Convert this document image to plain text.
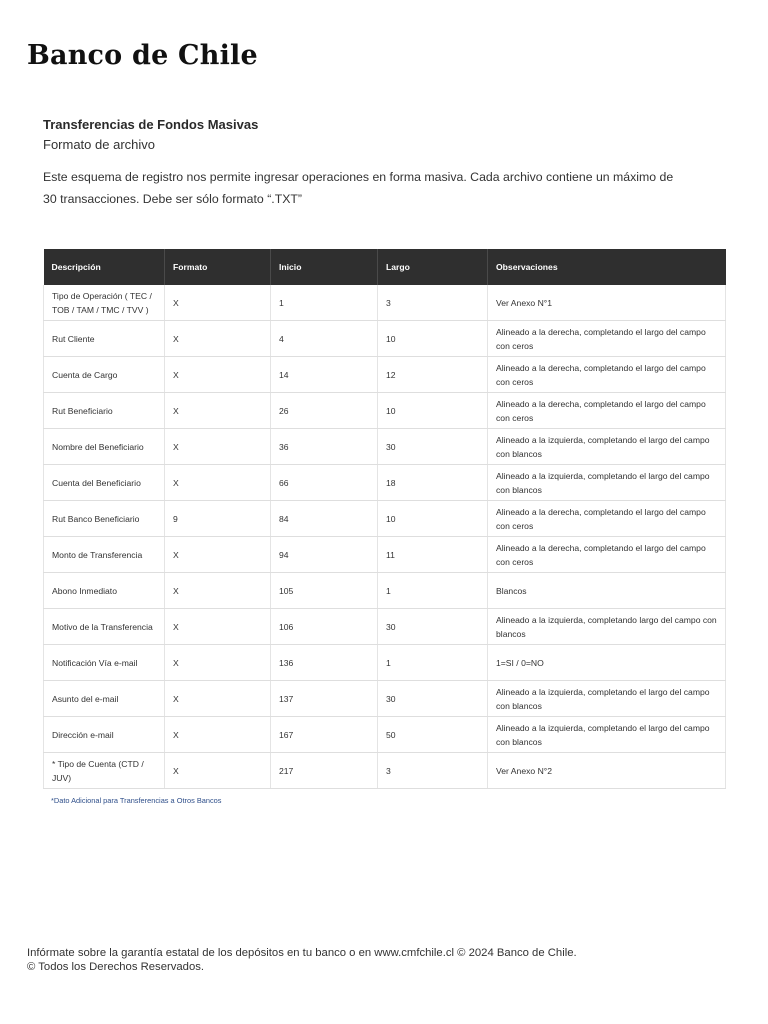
Banco de Chile
Transferencias de Fondos Masivas

Formato de archivo

Este esquema de registro nos permite ingresar operaciones en forma masiva. Cada archivo contiene un máximo de 30 transacciones. Debe ser sólo formato “.TXT”

Descripción	Formato	Inicio	Largo	Observaciones
Tipo de Operación ( TEC / TOB / TAM / TMC / TVV )	X	1	3	Ver Anexo N°1
Rut Cliente	X	4	10	Alineado a la derecha, completando el largo del campo con ceros
Cuenta de Cargo	X	14	12	Alineado a la derecha, completando el largo del campo con ceros
Rut Beneficiario	X	26	10	Alineado a la derecha, completando el largo del campo con ceros
Nombre del Beneficiario	X	36	30	Alineado a la izquierda, completando el largo del campo con blancos
Cuenta del Beneficiario	X	66	18	Alineado a la izquierda, completando el largo del campo con blancos
Rut Banco Beneficiario	9	84	10	Alineado a la derecha, completando el largo del campo con ceros
Monto de Transferencia	X	94	11	Alineado a la derecha, completando el largo del campo con ceros
Abono Inmediato	X	105	1	Blancos
Motivo de la Transferencia	X	106	30	Alineado a la izquierda, completando largo del campo con blancos
Notificación Vía e-mail	X	136	1	1=SI / 0=NO
Asunto del e-mail	X	137	30	Alineado a la izquierda, completando el largo del campo con blancos
Dirección e-mail	X	167	50	Alineado a la izquierda, completando el largo del campo con blancos
* Tipo de Cuenta (CTD / JUV)	X	217	3	Ver Anexo N°2
*Dato Adicional para Transferencias a Otros Bancos
Infórmate sobre la garantía estatal de los depósitos en tu banco o en www.cmfchile.cl © 2024 Banco de Chile.
© Todos los Derechos Reservados.
